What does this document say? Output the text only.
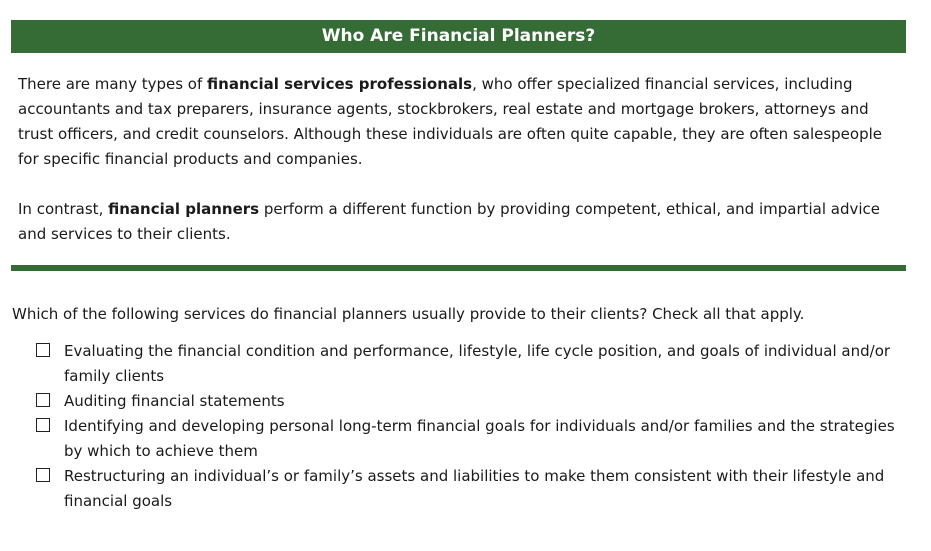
Who Are Financial Planners?

There are many types of financial services professionals, who offer specialized financial services, including accountants and tax preparers, insurance agents, stockbrokers, real estate and mortgage brokers, attorneys and trust officers, and credit counselors. Although these individuals are often quite capable, they are often salespeople for specific financial products and companies.

In contrast, financial planners perform a different function by providing competent, ethical, and impartial advice and services to their clients.

Which of the following services do financial planners usually provide to their clients? Check all that apply.
Evaluating the financial condition and performance, lifestyle, life cycle position, and goals of individual and/or family clients
Auditing financial statements
Identifying and developing personal long-term financial goals for individuals and/or families and the strategies by which to achieve them
Restructuring an individual’s or family’s assets and liabilities to make them consistent with their lifestyle and financial goals
